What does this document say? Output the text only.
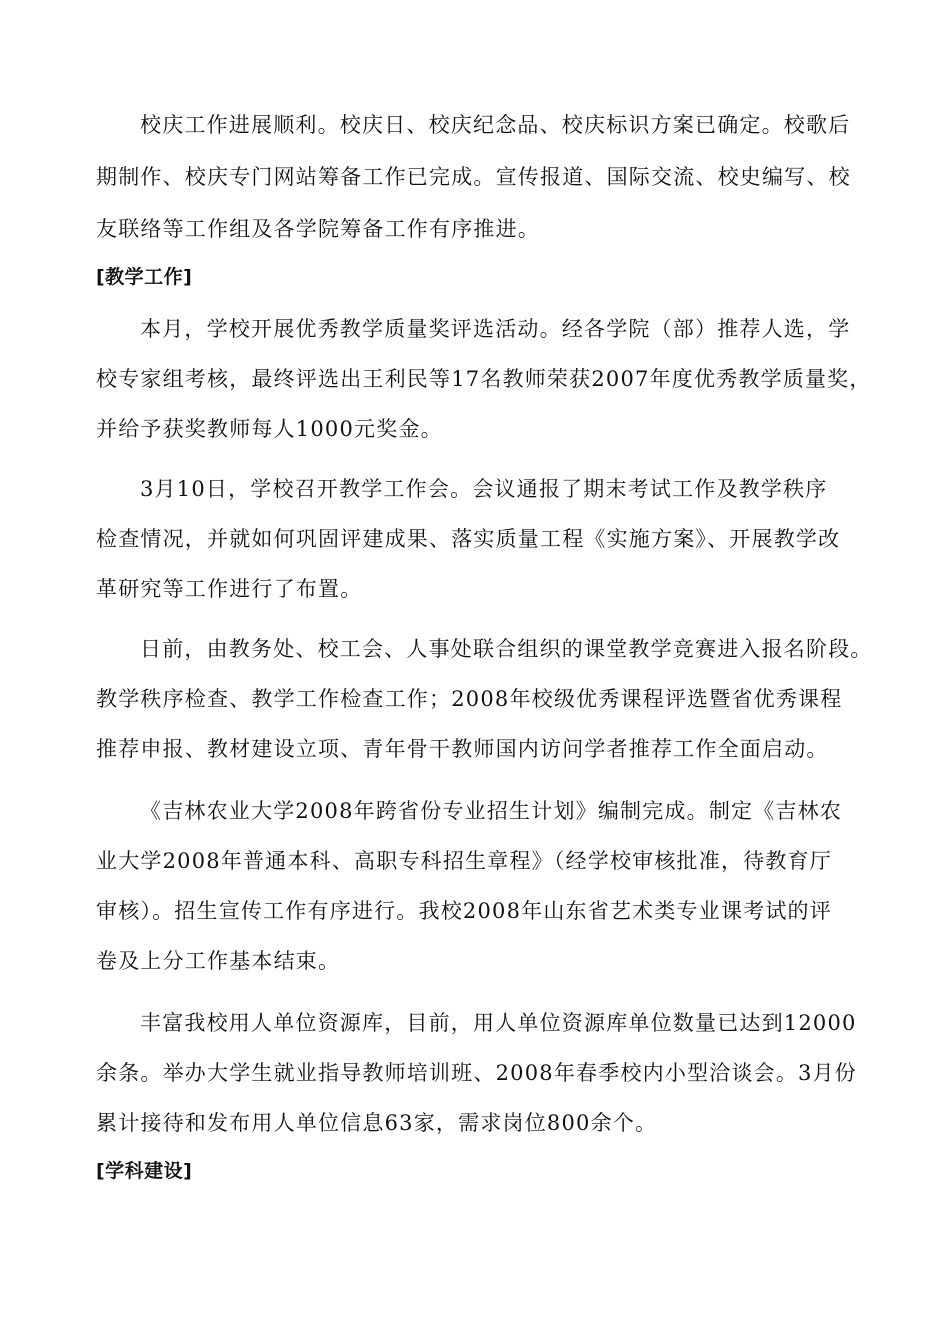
校庆工作进展顺利。校庆日、校庆纪念品、校庆标识方案已确定。校歌后
期制作、校庆专门网站筹备工作已完成。宣传报道、国际交流、校史编写、校
友联络等工作组及各学院筹备工作有序推进。
[教学工作]
本月，学校开展优秀教学质量奖评选活动。经各学院（部）推荐人选，学
校专家组考核，最终评选出王利民等17名教师荣获2007年度优秀教学质量奖，
并给予获奖教师每人1000元奖金。
3月10日，学校召开教学工作会。会议通报了期末考试工作及教学秩序
检查情况，并就如何巩固评建成果、落实质量工程《实施方案》、开展教学改
革研究等工作进行了布置。
日前，由教务处、校工会、人事处联合组织的课堂教学竞赛进入报名阶段。
教学秩序检查、教学工作检查工作；2008年校级优秀课程评选暨省优秀课程
推荐申报、教材建设立项、青年骨干教师国内访问学者推荐工作全面启动。
《吉林农业大学2008年跨省份专业招生计划》编制完成。制定《吉林农
业大学2008年普通本科、高职专科招生章程》（经学校审核批准，待教育厅
审核）。招生宣传工作有序进行。我校2008年山东省艺术类专业课考试的评
卷及上分工作基本结束。
丰富我校用人单位资源库，目前，用人单位资源库单位数量已达到12000
余条。举办大学生就业指导教师培训班、2008年春季校内小型洽谈会。3月份
累计接待和发布用人单位信息63家，需求岗位800余个。
[学科建设]
